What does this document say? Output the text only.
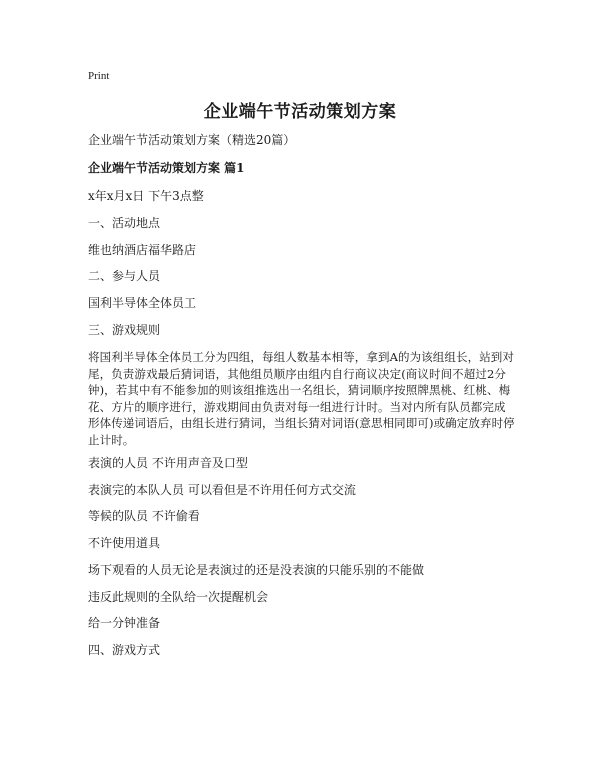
Print
企业端午节活动策划方案

企业端午节活动策划方案（精选20篇）

企业端午节活动策划方案 篇1

x年x月x日 下午3点整

一、活动地点

维也纳酒店福华路店

二、参与人员

国利半导体全体员工

三、游戏规则

将国利半导体全体员工分为四组，每组人数基本相等，拿到A的为该组组长，站到对尾，负责游戏最后猜词语，其他组员顺序由组内自行商议决定(商议时间不超过2分钟)，若其中有不能参加的则该组推选出一名组长，猜词顺序按照牌黑桃、红桃、梅花、方片的顺序进行，游戏期间由负责对每一组进行计时。当对内所有队员都完成形体传递词语后，由组长进行猜词，当组长猜对词语(意思相同即可)或确定放弃时停止计时。

表演的人员 不许用声音及口型

表演完的本队人员 可以看但是不许用任何方式交流

等候的队员 不许偷看

不许使用道具

场下观看的人员无论是表演过的还是没表演的只能乐别的不能做

违反此规则的全队给一次提醒机会

给一分钟准备

四、游戏方式
